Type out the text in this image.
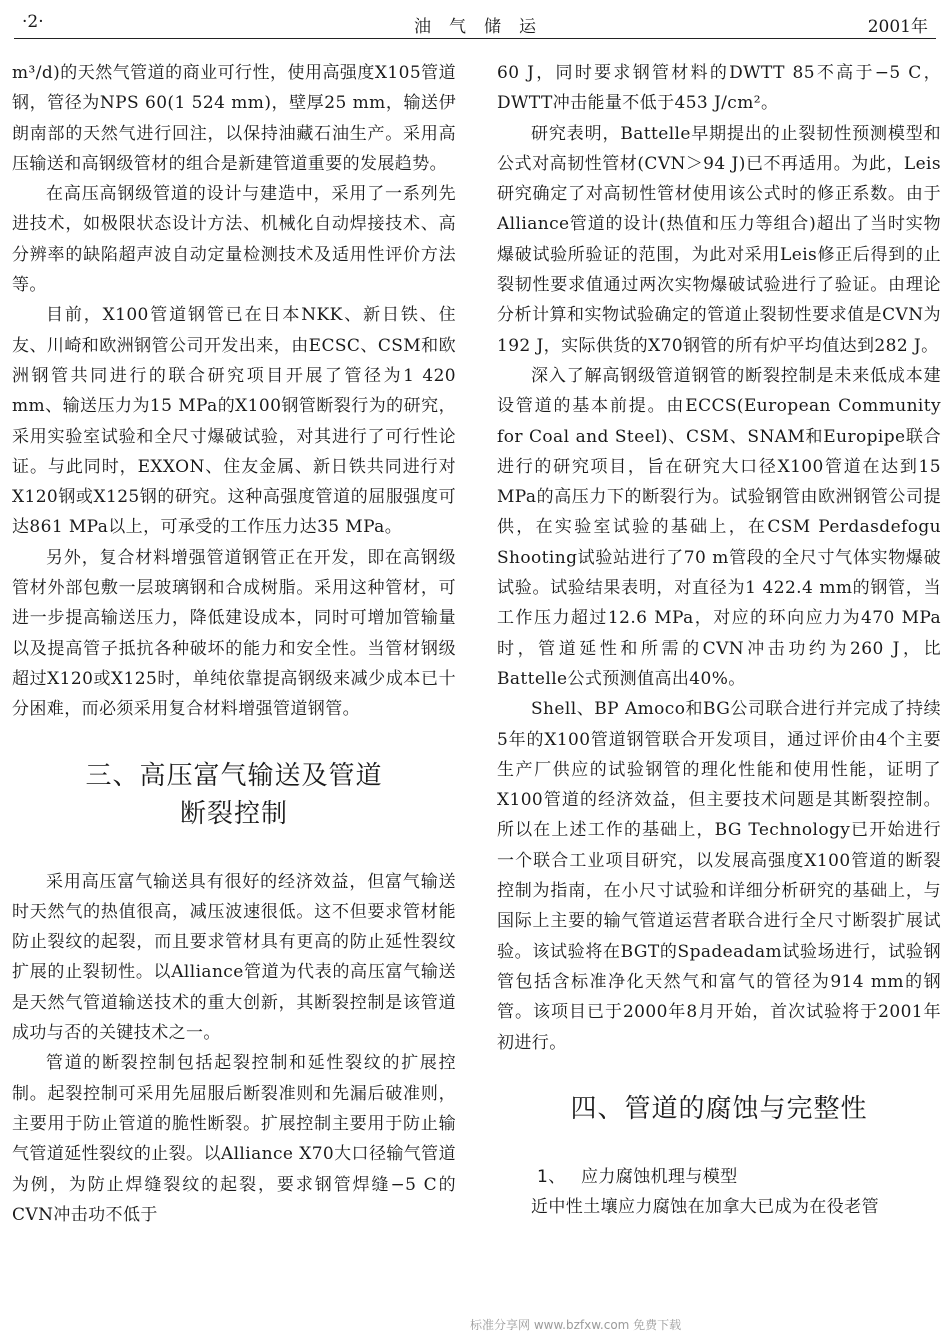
·2·	油气储运	2001年

m³/d)的天然气管道的商业可行性，使用高强度X105管道钢，管径为NPS 60(1 524 mm)，壁厚25 mm，输送伊朗南部的天然气进行回注，以保持油藏石油生产。采用高压输送和高钢级管材的组合是新建管道重要的发展趋势。

在高压高钢级管道的设计与建造中，采用了一系列先进技术，如极限状态设计方法、机械化自动焊接技术、高分辨率的缺陷超声波自动定量检测技术及适用性评价方法等。

目前，X100管道钢管已在日本NKK、新日铁、住友、川崎和欧洲钢管公司开发出来，由ECSC、CSM和欧洲钢管共同进行的联合研究项目开展了管径为1 420 mm、输送压力为15 MPa的X100钢管断裂行为的研究，采用实验室试验和全尺寸爆破试验，对其进行了可行性论证。与此同时，EXXON、住友金属、新日铁共同进行对X120钢或X125钢的研究。这种高强度管道的屈服强度可达861 MPa以上，可承受的工作压力达35 MPa。

另外，复合材料增强管道钢管正在开发，即在高钢级管材外部包敷一层玻璃钢和合成树脂。采用这种管材，可进一步提高输送压力，降低建设成本，同时可增加管输量以及提高管子抵抗各种破坏的能力和安全性。当管材钢级超过X120或X125时，单纯依靠提高钢级来减少成本已十分困难，而必须采用复合材料增强管道钢管。

三、高压富气输送及管道
断裂控制

采用高压富气输送具有很好的经济效益，但富气输送时天然气的热值很高，减压波速很低。这不但要求管材能防止裂纹的起裂，而且要求管材具有更高的防止延性裂纹扩展的止裂韧性。以Alliance管道为代表的高压富气输送是天然气管道输送技术的重大创新，其断裂控制是该管道成功与否的关键技术之一。

管道的断裂控制包括起裂控制和延性裂纹的扩展控制。起裂控制可采用先屈服后断裂准则和先漏后破准则，主要用于防止管道的脆性断裂。扩展控制主要用于防止输气管道延性裂纹的止裂。以Alliance X70大口径输气管道为例，为防止焊缝裂纹的起裂，要求钢管焊缝−5 C的CVN冲击功不低于

60 J，同时要求钢管材料的DWTT 85不高于−5 C，DWTT冲击能量不低于453 J/cm²。

研究表明，Battelle早期提出的止裂韧性预测模型和公式对高韧性管材(CVN＞94 J)已不再适用。为此，Leis研究确定了对高韧性管材使用该公式时的修正系数。由于Alliance管道的设计(热值和压力等组合)超出了当时实物爆破试验所验证的范围，为此对采用Leis修正后得到的止裂韧性要求值通过两次实物爆破试验进行了验证。由理论分析计算和实物试验确定的管道止裂韧性要求值是CVN为192 J，实际供货的X70钢管的所有炉平均值达到282 J。

深入了解高钢级管道钢管的断裂控制是未来低成本建设管道的基本前提。由ECCS(European Community for Coal and Steel)、CSM、SNAM和Europipe联合进行的研究项目，旨在研究大口径X100管道在达到15 MPa的高压力下的断裂行为。试验钢管由欧洲钢管公司提供，在实验室试验的基础上，在CSM Perdasdefogu Shooting试验站进行了70 m管段的全尺寸气体实物爆破试验。试验结果表明，对直径为1 422.4 mm的钢管，当工作压力超过12.6 MPa，对应的环向应力为470 MPa时，管道延性和所需的CVN冲击功约为260 J，比Battelle公式预测值高出40%。

Shell、BP Amoco和BG公司联合进行并完成了持续5年的X100管道钢管联合开发项目，通过评价由4个主要生产厂供应的试验钢管的理化性能和使用性能，证明了X100管道的经济效益，但主要技术问题是其断裂控制。所以在上述工作的基础上，BG Technology已开始进行一个联合工业项目研究，以发展高强度X100管道的断裂控制为指南，在小尺寸试验和详细分析研究的基础上，与国际上主要的输气管道运营者联合进行全尺寸断裂扩展试验。该试验将在BGT的Spadeadam试验场进行，试验钢管包括含标准净化天然气和富气的管径为914 mm的钢管。该项目已于2000年8月开始，首次试验将于2001年初进行。

四、管道的腐蚀与完整性
1、 应力腐蚀机理与模型

近中性土壤应力腐蚀在加拿大已成为在役老管

标准分享网 www.bzfxw.com 免费下载
